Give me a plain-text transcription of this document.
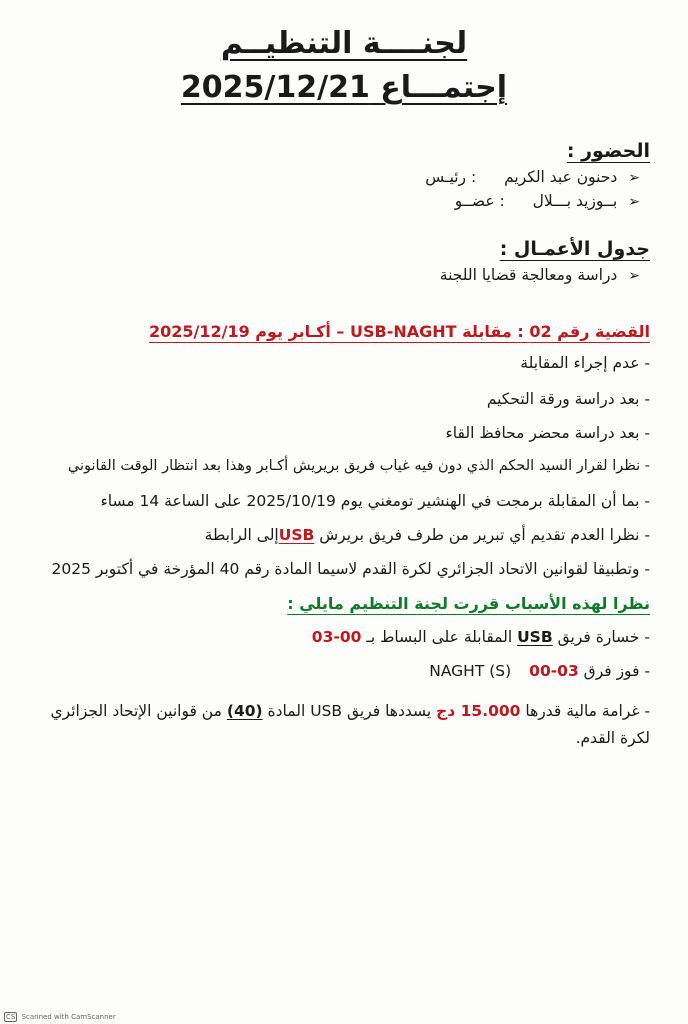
لجنــــة التنظيــم
إجتمـــاع 2025/12/21

الحضور :

➢ دحنون عبد الكريم  : رئيـس

➢ بــوزيد بـــلال  : عضــو

جدول الأعمـال :

➢ دراسة ومعالجة قضايا اللجنة

القضية رقم 02 : مقابلة USB-NAGHT – أكـابر يوم 2025/12/19

- عدم إجراء المقابلة

- بعد دراسة ورقة التحكيم

- بعد دراسة محضر محافظ القاء

- نظرا لقرار السيد الحكم الذي دون فيه غياب فريق بريريش أكـابر وهذا بعد انتظار الوقت القانوني

- بما أن المقابلة برمجت في الهنشير تومغني يوم 2025/10/19 على الساعة 14 مساء

- نظرا العدم تقديم أي تبرير من طرف فريق بريرش USBإلى الرابطة

- وتطبيقا لقوانين الاتحاد الجزائري لكرة القدم لاسيما المادة رقم 40 المؤرخة في أكتوبر 2025

نظرا لهذه الأسباب قررت لجنة التنظيم مايلي :

- خسارة فريق USB المقابلة على البساط بـ 00-03

- فوز فرق NAGHT (S) 00-03

- غرامة مالية قدرها 15.000 دج يسددها فريق USB المادة (40) من قوانين الإتحاد الجزائري لكرة القدم.

CS Scanned with CamScanner
